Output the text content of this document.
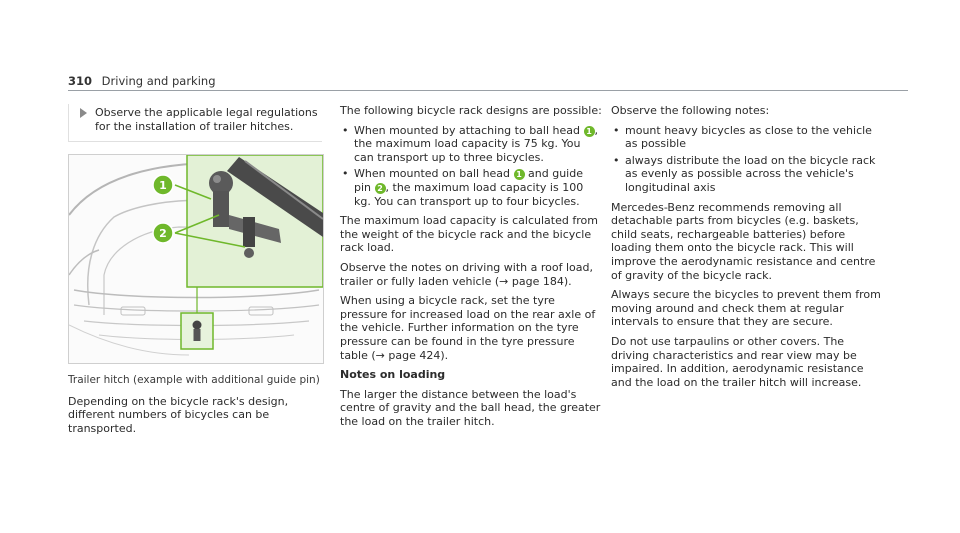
310 Driving and parking
Observe the applicable legal regulations for the installation of trailer hitches.
1
2
Trailer hitch (example with additional guide pin)

Depending on the bicycle rack's design, different numbers of bicycles can be transported.

The following bicycle rack designs are possible:

• When mounted by attaching to ball head 1 , the maximum load capacity is 75 kg. You can transport up to three bicycles.
• When mounted on ball head 1 and guide pin 2 , the maximum load capacity is 100 kg. You can transport up to four bicycles.

The maximum load capacity is calculated from the weight of the bicycle rack and the bicycle rack load.

Observe the notes on driving with a roof load, trailer or fully laden vehicle (→ page 184).

When using a bicycle rack, set the tyre pressure for increased load on the rear axle of the vehicle. Further information on the tyre pressure can be found in the tyre pressure table (→ page 424).

Notes on loading

The larger the distance between the load's centre of gravity and the ball head, the greater the load on the trailer hitch.

Observe the following notes:

• mount heavy bicycles as close to the vehicle as possible
• always distribute the load on the bicycle rack as evenly as possible across the vehicle's longitudinal axis

Mercedes-Benz recommends removing all detachable parts from bicycles (e.g. baskets, child seats, rechargeable batteries) before loading them onto the bicycle rack. This will improve the aerodynamic resistance and centre of gravity of the bicycle rack.

Always secure the bicycles to prevent them from moving around and check them at regular intervals to ensure that they are secure.

Do not use tarpaulins or other covers. The driving characteristics and rear view may be impaired. In addition, aerodynamic resistance and the load on the trailer hitch will increase.
